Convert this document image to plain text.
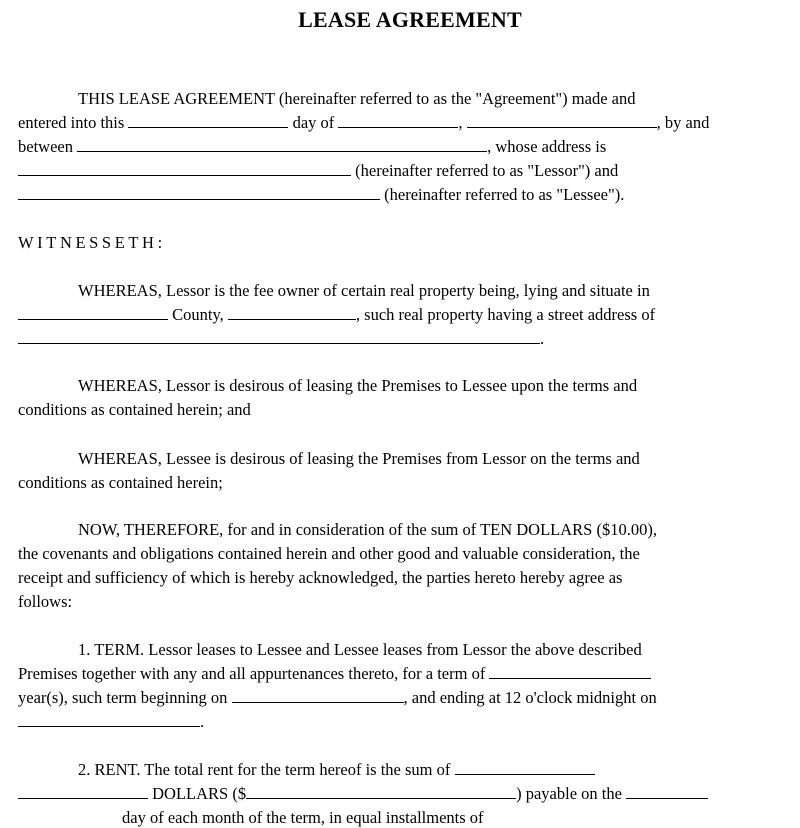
LEASE AGREEMENT
THIS LEASE AGREEMENT (hereinafter referred to as the "Agreement") made and
entered into this	day of	,	, by and
between	, whose address is
(hereinafter referred to as "Lessor") and
(hereinafter referred to as "Lessee").
WITNESSETH:
WHEREAS, Lessor is the fee owner of certain real property being, lying and situate in
County,	, such real property having a street address of
.
WHEREAS, Lessor is desirous of leasing the Premises to Lessee upon the terms and
conditions as contained herein; and
WHEREAS, Lessee is desirous of leasing the Premises from Lessor on the terms and
conditions as contained herein;
NOW, THEREFORE, for and in consideration of the sum of TEN DOLLARS ($10.00),
the covenants and obligations contained herein and other good and valuable consideration, the
receipt and sufficiency of which is hereby acknowledged, the parties hereto hereby agree as
follows:
1. TERM. Lessor leases to Lessee and Lessee leases from Lessor the above described
Premises together with any and all appurtenances thereto, for a term of
year(s), such term beginning on	, and ending at 12 o'clock midnight on
.
2. RENT. The total rent for the term hereof is the sum of
DOLLARS ($	) payable on the
day of each month of the term, in equal installments of
